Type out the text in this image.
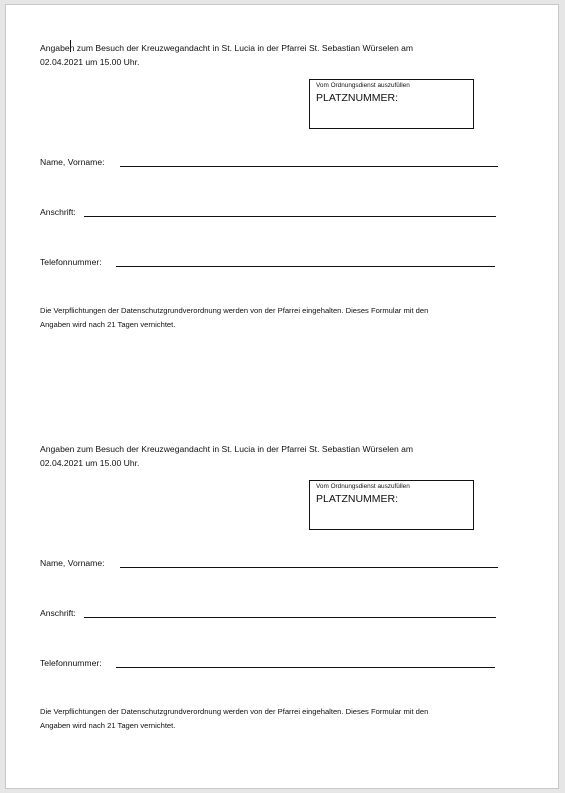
Angaben zum Besuch der Kreuzwegandacht in St. Lucia in der Pfarrei St. Sebastian Würselen am
02.04.2021 um 15.00 Uhr.
Vom Ordnungsdienst auszufüllen
PLATZNUMMER:
Name, Vorname:
Anschrift:
Telefonnummer:
Die Verpflichtungen der Datenschutzgrundverordnung werden von der Pfarrei eingehalten. Dieses Formular mit den
Angaben wird nach 21 Tagen vernichtet.
Angaben zum Besuch der Kreuzwegandacht in St. Lucia in der Pfarrei St. Sebastian Würselen am
02.04.2021 um 15.00 Uhr.
Vom Ordnungsdienst auszufüllen
PLATZNUMMER:
Name, Vorname:
Anschrift:
Telefonnummer:
Die Verpflichtungen der Datenschutzgrundverordnung werden von der Pfarrei eingehalten. Dieses Formular mit den
Angaben wird nach 21 Tagen vernichtet.
